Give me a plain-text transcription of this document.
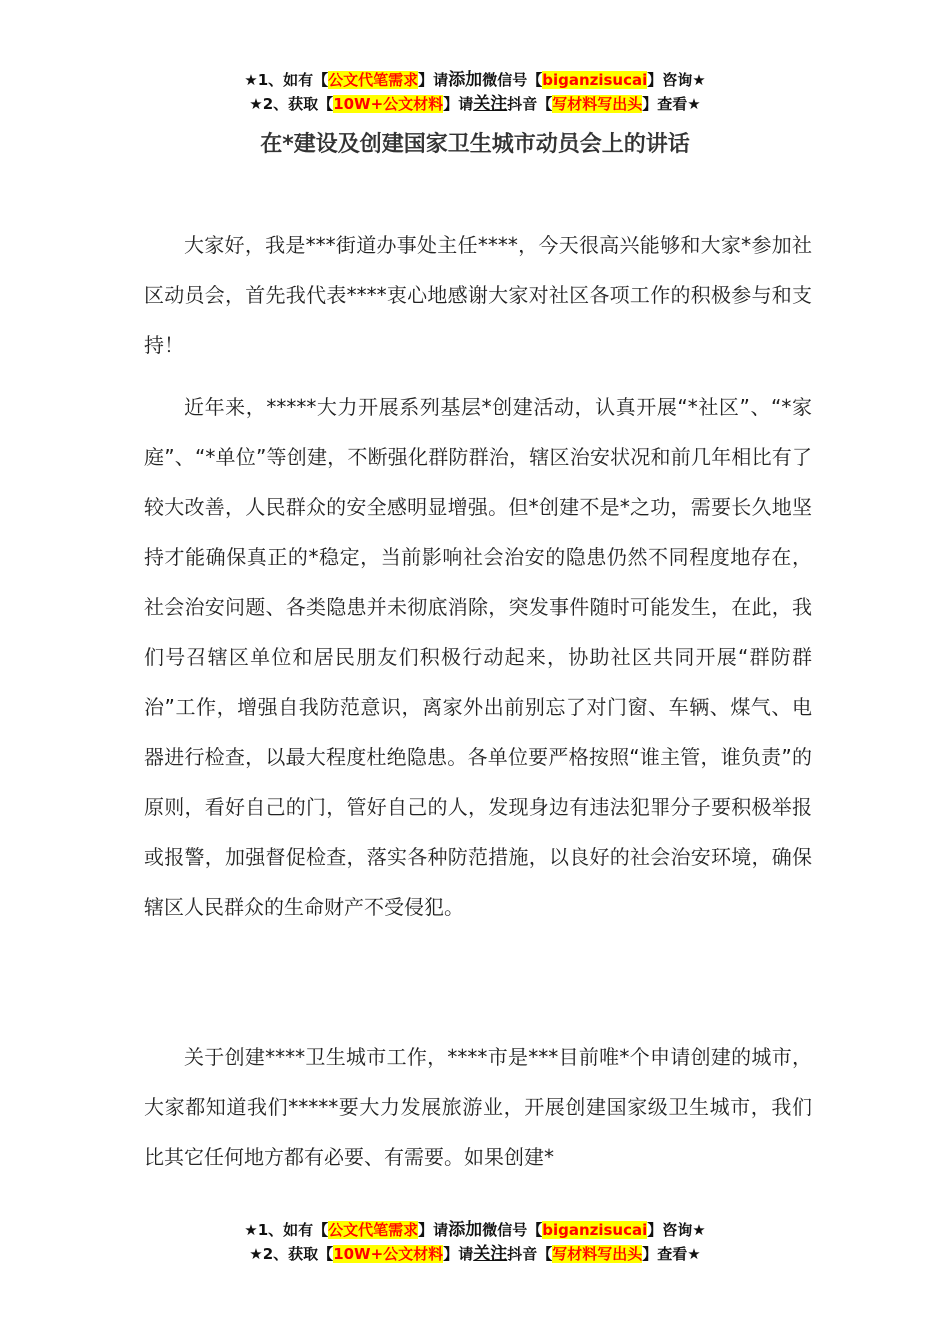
★1、如有【公文代笔需求】请添加微信号【biganzisucai】咨询★
★2、获取【10W+公文材料】请关注抖音【写材料写出头】查看★
在*建设及创建国家卫生城市动员会上的讲话

大家好，我是***街道办事处主任****，今天很高兴能够和大家*参加社区动员会，首先我代表****衷心地感谢大家对社区各项工作的积极参与和支持！

近年来，*****大力开展系列基层*创建活动，认真开展“*社区”、“*家庭”、“*单位”等创建，不断强化群防群治，辖区治安状况和前几年相比有了较大改善，人民群众的安全感明显增强。但*创建不是*之功，需要长久地坚持才能确保真正的*稳定，当前影响社会治安的隐患仍然不同程度地存在，社会治安问题、各类隐患并未彻底消除，突发事件随时可能发生，在此，我们号召辖区单位和居民朋友们积极行动起来，协助社区共同开展“群防群治”工作，增强自我防范意识，离家外出前别忘了对门窗、车辆、煤气、电器进行检查，以最大程度杜绝隐患。各单位要严格按照“谁主管，谁负责”的原则，看好自己的门，管好自己的人，发现身边有违法犯罪分子要积极举报或报警，加强督促检查，落实各种防范措施，以良好的社会治安环境，确保辖区人民群众的生命财产不受侵犯。

关于创建****卫生城市工作，****市是***目前唯*个申请创建的城市，大家都知道我们*****要大力发展旅游业，开展创建国家级卫生城市，我们比其它任何地方都有必要、有需要。如果创建*

★1、如有【公文代笔需求】请添加微信号【biganzisucai】咨询★
★2、获取【10W+公文材料】请关注抖音【写材料写出头】查看★
